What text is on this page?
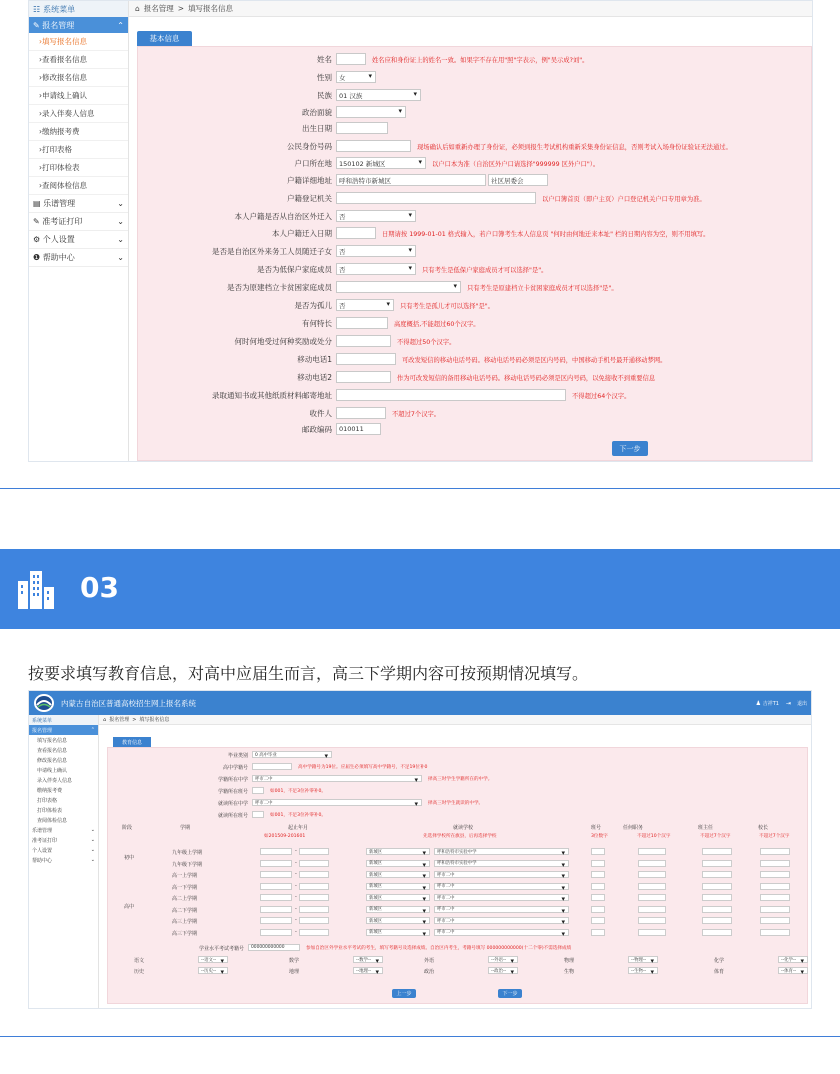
☷ 系统菜单
✎ 报名管理	⌃
› 填写报名信息
› 查看报名信息
› 修改报名信息
› 申请线上确认
› 录入伴奏人信息
› 缴纳报考费
› 打印表格
› 打印体检表
› 查阅体检信息
▤ 乐谱管理	⌄
✎ 准考证打印	⌄
⚙ 个人设置	⌄
❶ 帮助中心	⌄
⌂ 报名管理 > 填写报名信息
基本信息
姓名	姓名应和身份证上的姓名一致。如果字不存在用"照"字表示，例"吴示成?刘"。
性别	女 ▾
民族	01 汉族 ▾
政治面貌
▾
出生日期
公民身份号码	现场确认后如重新办理了身份证，必须到报生考试机构重新采集身份证信息，否则考试入场身份证验证无法通过。
户口所在地	150102 新城区 ▾	以户口本为准（自治区外户口请选择"999999 区外户口"）。
户籍详细地址	呼和浩特市新城区	社区居委会
户籍登记机关	以户口簿首页（即户主页）户口登记机关户口专用章为准。
本人户籍是否从自治区外迁入	否 ▾
本人户籍迁入日期	日期请按 1999-01-01 格式输入，若户口簿考生本人信息页 "何时由何地迁来本址" 栏的日期内容为空，则不用填写。
是否是自治区外来务工人员随迁子女	否 ▾
是否为低保户家庭成员	否 ▾	只有考生是低保户家庭成员才可以选择"是"。
是否为原建档立卡贫困家庭成员
▾	只有考生是原建档立卡贫困家庭成员才可以选择"是"。
是否为孤儿	否 ▾	只有考生是孤儿才可以选择"是"。
有何特长	高度概括,不能超过60个汉字。
何时何地受过何种奖励或处分	不得超过50个汉字。
移动电话1	可改发短信的移动电话号码。移动电话号码必须是区内号码，中国移动手机号最开通移动梦网。
移动电话2	作为可改发短信的备用移动电话号码。移动电话号码必须是区内号码，以免接收不到重要信息
录取通知书或其他纸质材料邮寄地址	不得超过64个汉字。
收件人	不超过7个汉字。
邮政编码	010011
下一步
03
按要求填写教育信息，对高中应届生而言，高三下学期内容可按预期情况填写。
内蒙古自治区普通高校招生网上报名系统	♟ 吉祥T1 ⇥ 退出
系统菜单
报名管理	⌃
填写报名信息
查看报名信息
修改报名信息
申请线上确认
录入伴奏人信息
缴纳报考费
打印表格
打印体检表
查阅体检信息
乐谱管理	⌄
准考证打印	⌄
个人设置	⌄
帮助中心	⌄
⌂ 报名管理 > 填写报名信息
教育信息
毕业类别	0 高中毕业 ▾
高中学籍号	高中学籍号为19位。应届生必须填写高中学籍号，不足19位补0
学籍所在中学	呼市二中 ▾	择高三时学生学籍所在的中学。
学籍所在班号	如001，不足3位补零补0。
就读所在中学	呼市二中 ▾	择高三时学生就读的中学。
就读所在班号	如001，不足3位补零补0。
阶段	学期	起止年月	就读学校	班号	任何职务	班主任	校长
如201509-201601	先选择学校所在旗县，后再选择学校	3位数字	不超过10个汉字	不超过7个汉字	不超过7个汉字
九年级上学期	-	新城区 ▾	呼和浩特市实验中学 ▾
九年级下学期	-	新城区 ▾	呼和浩特市实验中学 ▾
高一上学期	-	新城区 ▾	呼市二中 ▾
高一下学期	-	新城区 ▾	呼市二中 ▾
高二上学期	-	新城区 ▾	呼市二中 ▾
高二下学期	-	新城区 ▾	呼市二中 ▾
高三上学期	-	新城区 ▾	呼市二中 ▾
高三下学期	-	新城区 ▾	呼市二中 ▾
初中
高中
学业水平考试考籍号	000000000000	参加自治区外学业水平考试的考生，填写考籍号及选择成绩。自治区内考生，考籍号填写 000000000000(十二个零)不需选择成绩
语文	--语文-- ▾	数学	--数学-- ▾	外语	--外语-- ▾	物理	--物理-- ▾	化学	--化学-- ▾
历史	--历史-- ▾	地理	--地理-- ▾	政治	--政治-- ▾	生物	--生物-- ▾	体育	--体育-- ▾
上一步	下一步
